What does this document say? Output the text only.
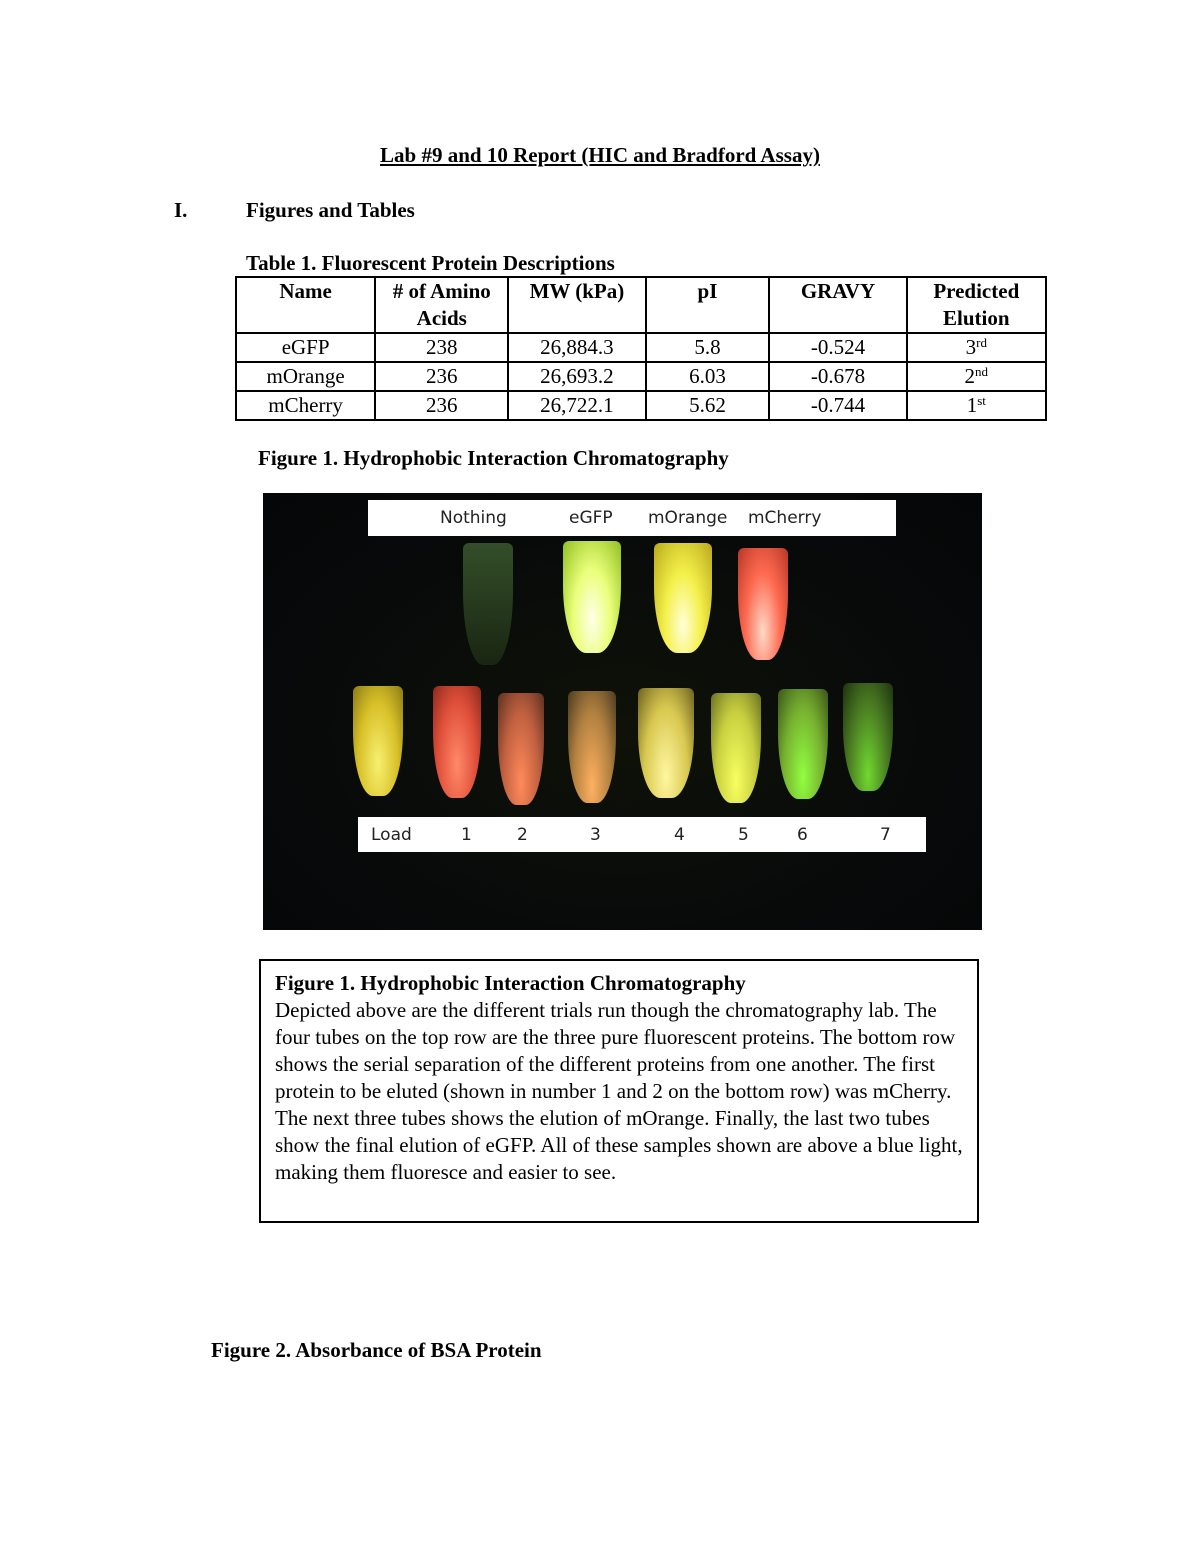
Lab #9 and 10 Report (HIC and Bradford Assay)
I.	Figures and Tables
Table 1. Fluorescent Protein Descriptions
Name	# of Amino Acids	MW (kPa)	pI	GRAVY	Predicted Elution
eGFP	238	26,884.3	5.8	-0.524	3rd
mOrange	236	26,693.2	6.03	-0.678	2nd
mCherry	236	26,722.1	5.62	-0.744	1st
Figure 1. Hydrophobic Interaction Chromatography
Nothing	eGFP mOrange mCherry
Load	1	2	3	4	5	6	7
Figure 1. Hydrophobic Interaction Chromatography
Depicted above are the different trials run though the chromatography lab. The four tubes on the top row are the three pure fluorescent proteins. The bottom row shows the serial separation of the different proteins from one another. The first protein to be eluted (shown in number 1 and 2 on the bottom row) was mCherry. The next three tubes shows the elution of mOrange. Finally, the last two tubes show the final elution of eGFP. All of these samples shown are above a blue light, making them fluoresce and easier to see.
Figure 2. Absorbance of BSA Protein
